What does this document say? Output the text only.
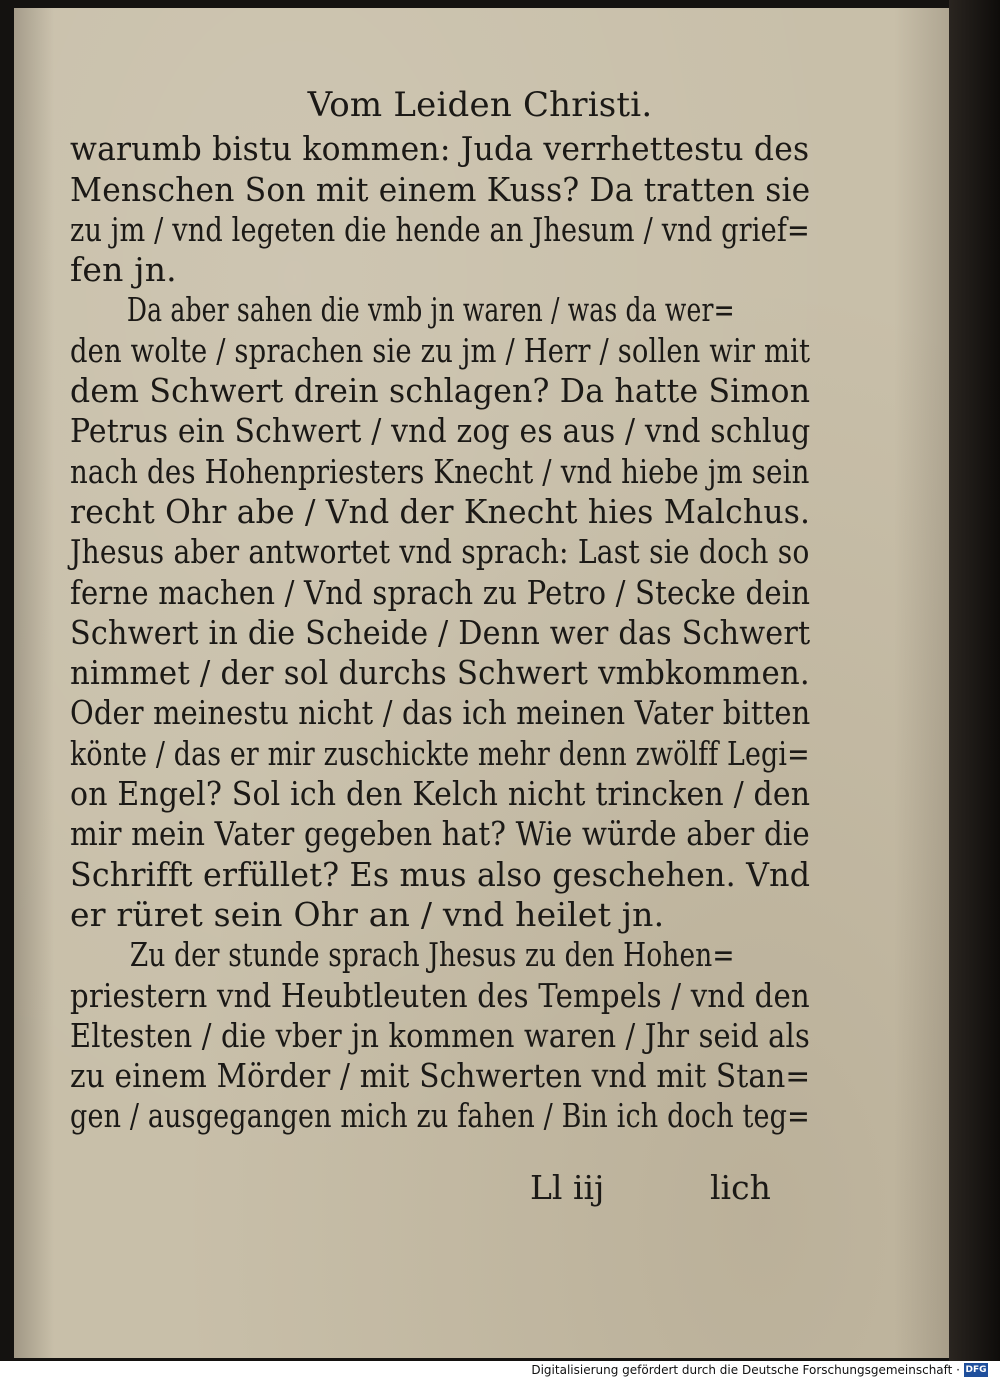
Vom Leiden Christi.
warumb bistu kommen: Juda verrhettestu des
Menschen Son mit einem Kuss? Da tratten sie
zu jm / vnd legeten die hende an Jhesum / vnd grief=
fen jn.
Da aber sahen die vmb jn waren / was da wer=
den wolte / sprachen sie zu jm / Herr / sollen wir mit
dem Schwert drein schlagen? Da hatte Simon
Petrus ein Schwert / vnd zog es aus / vnd schlug
nach des Hohenpriesters Knecht / vnd hiebe jm sein
recht Ohr abe / Vnd der Knecht hies Malchus.
Jhesus aber antwortet vnd sprach: Last sie doch so
ferne machen / Vnd sprach zu Petro / Stecke dein
Schwert in die Scheide / Denn wer das Schwert
nimmet / der sol durchs Schwert vmbkommen.
Oder meinestu nicht / das ich meinen Vater bitten
könte / das er mir zuschickte mehr denn zwölff Legi=
on Engel? Sol ich den Kelch nicht trincken / den
mir mein Vater gegeben hat? Wie würde aber die
Schrifft erfüllet? Es mus also geschehen. Vnd
er rüret sein Ohr an / vnd heilet jn.
Zu der stunde sprach Jhesus zu den Hohen=
priestern vnd Heubtleuten des Tempels / vnd den
Eltesten / die vber jn kommen waren / Jhr seid als
zu einem Mörder / mit Schwerten vnd mit Stan=
gen / ausgegangen mich zu fahen / Bin ich doch teg=
Ll iij	lich
Digitalisierung gefördert durch die Deutsche Forschungsgemeinschaft · DFG
